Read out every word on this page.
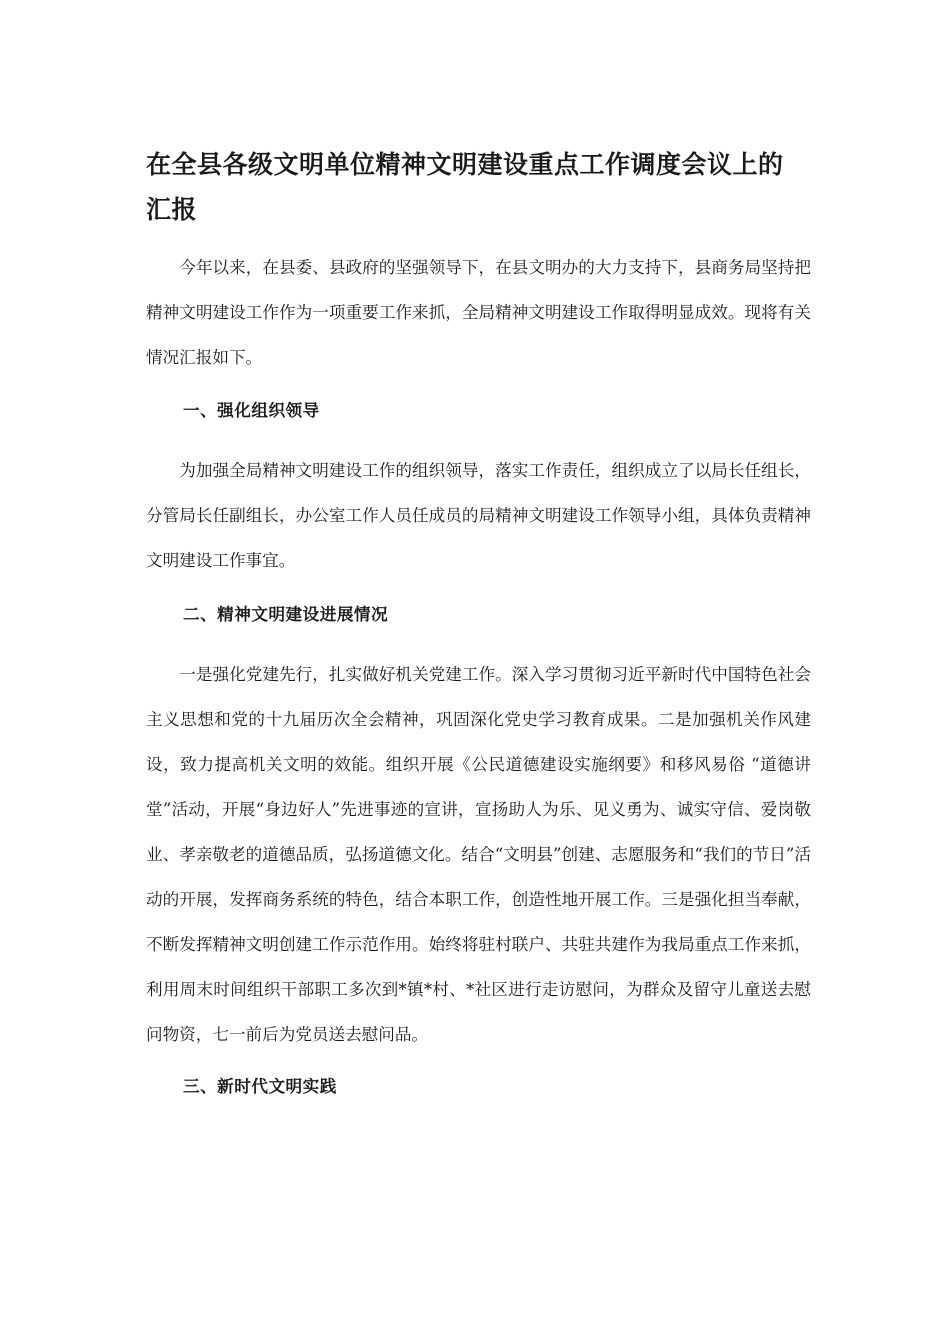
在全县各级文明单位精神文明建设重点工作调度会议上的汇报

今年以来，在县委、县政府的坚强领导下，在县文明办的大力支持下，县商务局坚持把精神文明建设工作作为一项重要工作来抓，全局精神文明建设工作取得明显成效。现将有关情况汇报如下。

一、强化组织领导

为加强全局精神文明建设工作的组织领导，落实工作责任，组织成立了以局长任组长，分管局长任副组长，办公室工作人员任成员的局精神文明建设工作领导小组，具体负责精神文明建设工作事宜。

二、精神文明建设进展情况

一是强化党建先行，扎实做好机关党建工作。深入学习贯彻习近平新时代中国特色社会主义思想和党的十九届历次全会精神，巩固深化党史学习教育成果。二是加强机关作风建设，致力提高机关文明的效能。组织开展《公民道德建设实施纲要》和移风易俗 “道德讲堂”活动，开展“身边好人”先进事迹的宣讲，宣扬助人为乐、见义勇为、诚实守信、爱岗敬业、孝亲敬老的道德品质，弘扬道德文化。结合“文明县”创建、志愿服务和“我们的节日”活动的开展，发挥商务系统的特色，结合本职工作，创造性地开展工作。三是强化担当奉献，不断发挥精神文明创建工作示范作用。始终将驻村联户、共驻共建作为我局重点工作来抓，利用周末时间组织干部职工多次到*镇*村、*社区进行走访慰问，为群众及留守儿童送去慰问物资，七一前后为党员送去慰问品。

三、新时代文明实践
